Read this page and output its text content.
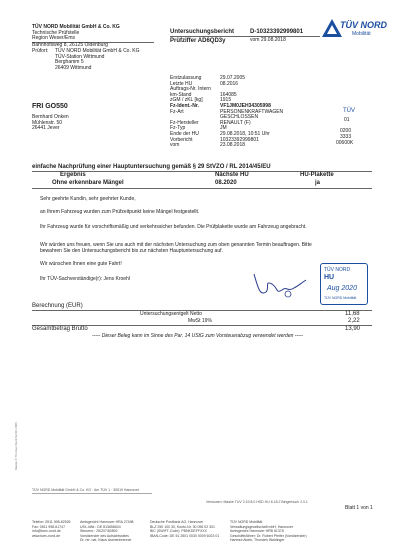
TÜV NORD Mobilität GmbH & Co. KG
Technische Prüfstelle
Region Weser/Ems
Bahnhofsweg 8, 26125 Oldenburg
Prüfort: TÜV NORD Mobilität GmbH & Co. KG
TÜV-Station Wittmund
Berghamm 5
26409 Wittmund
Untersuchungsbericht	D-10323392999801
Prüfziffer AD6QD3y	vom 29.08.2018
TÜV NORD
Mobilität
FRI GO550
Bernhard Onken
Mühlenstr. 50
26441 Jever
Erstzulassung	29.07.2005
Letzte HU	08.2016
Auftrags-Nr. Intern
km-Stand	164085
zGM / zKL [kg]	1915
Fz-Ident.-Nr.	VF1JM0JEH34305998
Fz-Art	PERSONENKRAFTWAGEN
GESCHLOSSEN
Fz-Hersteller	RENAULT (F)
Fz-Typ	JM
Ende der HU	29.08.2018, 10:51 Uhr
Vorbericht	10323392999801
vom	23.08.2018
TÜV
01
0200
3333
00600K
einfache Nachprüfung einer Hauptuntersuchung gemäß § 29 StVZO / RL 2014/45/EU
Ergebnis	Nächste HU	HU-Plakette
Ohne erkennbare Mängel	08.2020	ja
Sehr geehrte Kundin, sehr geehrter Kunde,
an Ihrem Fahrzeug wurden zum Prüfzeitpunkt keine Mängel festgestellt.
Ihr Fahrzeug wurde für vorschriftsmäßig und verkehrssicher befunden. Die Prüfplakette wurde am Fahrzeug angebracht.
Wir würden uns freuen, wenn Sie uns auch mit der nächsten Untersuchung zum oben genannten Termin beauftragen. Bitte bewahren Sie den Untersuchungsbericht bis zur nächsten Hauptuntersuchung auf.
Wir wünschen Ihnen eine gute Fahrt!
Ihr TÜV-Sachverständige(r): Jens Kroehl
TÜV NORD
HU
Aug 2020
TÜV NORD Mobilität
Berechnung (EUR)
Untersuchungsentgelt Netto	11,68
MwSt 19%	2,22
Gesamtbetrag Brutto	13,90
----- Dieser Beleg kann im Sinne des Par. 14 UStG zum Vorsteuerabzug verwendet werden -----
Maske © Thomas Stark Gmbh 2006
TÜV NORD Mobilität GmbH & Co. KG · Am TÜV 1 · 30519 Hannover
Versionen: Maske TUV 2.43.8.0 HSD HU 6.18.2 Bingerbuch 2.0.1
Blatt 1 von 1
Telefon: 0511 998-62526
Fax: 0511 998-61747
info@tuev-nord.de
www.tuev-nord.de
Amtsgericht Hannover HRA 27498
USt.-IdNr.: DE 813658634
Steuernr.: 25/207/60892
Vorsitzender des Aufsichtsrates
Dr. rer. nat. Klaus Aschenbrenner
Deutsche Postbank AG, Hannover
BLZ 250 100 30, Konto-Nr. 30 096 02 301
BIC (SWIFT-Code): PBNKDEFFXXX
IBAN-Code: DE 51 2501 0030 0009 6023 01
TÜV NORD Mobilität
Verwaltungsgesellschaft mbH, Hannover
Amtsgericht Hannover HRB 61378
Geschäftsführer: Dr. Robert Pfeifer (Vorsitzender)
Hartmut Abeln, Thorsten Waldinger
